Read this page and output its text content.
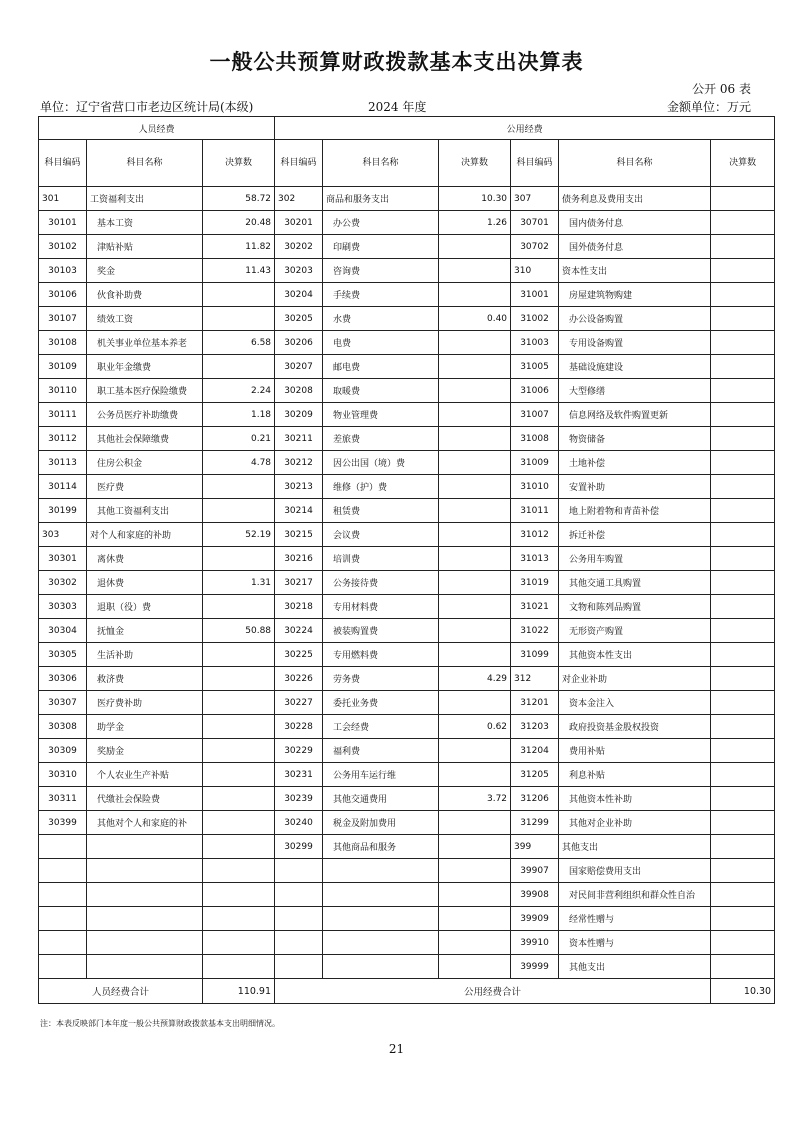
一般公共预算财政拨款基本支出决算表
公开 06 表
单位：辽宁省营口市老边区统计局(本级)	2024 年度	金额单位：万元
人员经费			公用经费					
科目编码	科目名称	决算数	科目编码	科目名称	决算数	科目编码	科目名称	决算数
301	工资福利支出	58.72	302	商品和服务支出	10.30	307	债务利息及费用支出	
30101	基本工资	20.48	30201	办公费	1.26	30701	国内债务付息	
30102	津贴补贴	11.82	30202	印刷费		30702	国外债务付息	
30103	奖金	11.43	30203	咨询费		310	资本性支出	
30106	伙食补助费		30204	手续费		31001	房屋建筑物购建	
30107	绩效工资		30205	水费	0.40	31002	办公设备购置	
30108	机关事业单位基本养老	6.58	30206	电费		31003	专用设备购置	
30109	职业年金缴费		30207	邮电费		31005	基础设施建设	
30110	职工基本医疗保险缴费	2.24	30208	取暖费		31006	大型修缮	
30111	公务员医疗补助缴费	1.18	30209	物业管理费		31007	信息网络及软件购置更新	
30112	其他社会保障缴费	0.21	30211	差旅费		31008	物资储备	
30113	住房公积金	4.78	30212	因公出国（境）费		31009	土地补偿	
30114	医疗费		30213	维修（护）费		31010	安置补助	
30199	其他工资福利支出		30214	租赁费		31011	地上附着物和青苗补偿	
303	对个人和家庭的补助	52.19	30215	会议费		31012	拆迁补偿	
30301	离休费		30216	培训费		31013	公务用车购置	
30302	退休费	1.31	30217	公务接待费		31019	其他交通工具购置	
30303	退职（役）费		30218	专用材料费		31021	文物和陈列品购置	
30304	抚恤金	50.88	30224	被装购置费		31022	无形资产购置	
30305	生活补助		30225	专用燃料费		31099	其他资本性支出	
30306	救济费		30226	劳务费	4.29	312	对企业补助	
30307	医疗费补助		30227	委托业务费		31201	资本金注入	
30308	助学金		30228	工会经费	0.62	31203	政府投资基金股权投资	
30309	奖励金		30229	福利费		31204	费用补贴	
30310	个人农业生产补贴		30231	公务用车运行维		31205	利息补贴	
30311	代缴社会保险费		30239	其他交通费用	3.72	31206	其他资本性补助	
30399	其他对个人和家庭的补		30240	税金及附加费用		31299	其他对企业补助	
			30299	其他商品和服务		399	其他支出	
						39907	国家赔偿费用支出	
						39908	对民间非营利组织和群众性自治	
						39909	经常性赠与	
						39910	资本性赠与	
						39999	其他支出	
人员经费合计		110.91	公用经费合计					10.30
注：本表反映部门本年度一般公共预算财政拨款基本支出明细情况。
21
